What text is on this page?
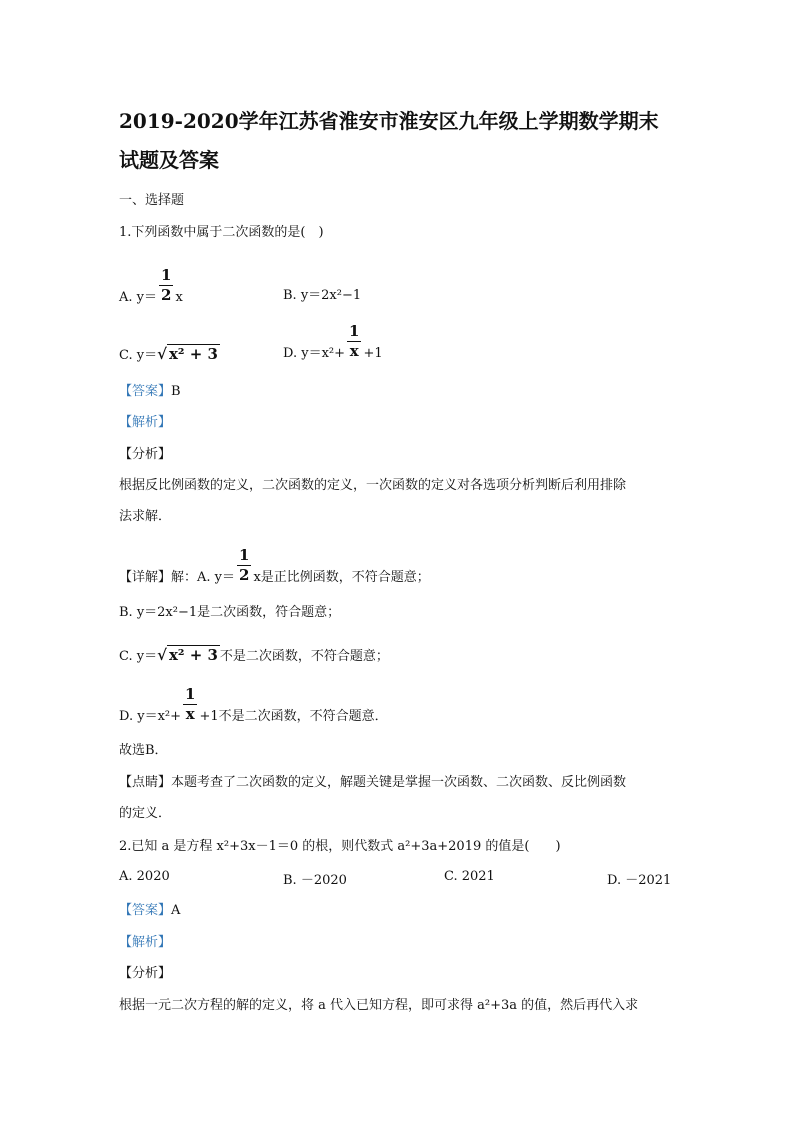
2019-2020学年江苏省淮安市淮安区九年级上学期数学期末
试题及答案
一、选择题
1.下列函数中属于二次函数的是(　)
A. $y= \frac{1}{2}$ x	B. y＝2x²−1
C. y＝√ x² + 3	D. $y=x^2+ \frac{1}{x} +1$
【答案】B
【解析】
【分析】
根据反比例函数的定义，二次函数的定义，一次函数的定义对各选项分析判断后利用排除
法求解．
【详解】解：A. $y= \frac{1}{2}$ x是正比例函数，不符合题意；
B. y＝2x²−1是二次函数，符合题意；
C. y＝√ x² + 3 不是二次函数，不符合题意；
D. $y=x^2+ \frac{1}{x} +1$不是二次函数，不符合题意．
故选B．
【点睛】本题考查了二次函数的定义，解题关键是掌握一次函数、二次函数、反比例函数
的定义．
2.已知 a 是方程 x²+3x－1＝0 的根，则代数式 a²+3a+2019 的值是(　　)
A. 2020	B. －2020	C. 2021	D. －2021
【答案】A
【解析】
【分析】
根据一元二次方程的解的定义，将 a 代入已知方程，即可求得 a²+3a 的值，然后再代入求
